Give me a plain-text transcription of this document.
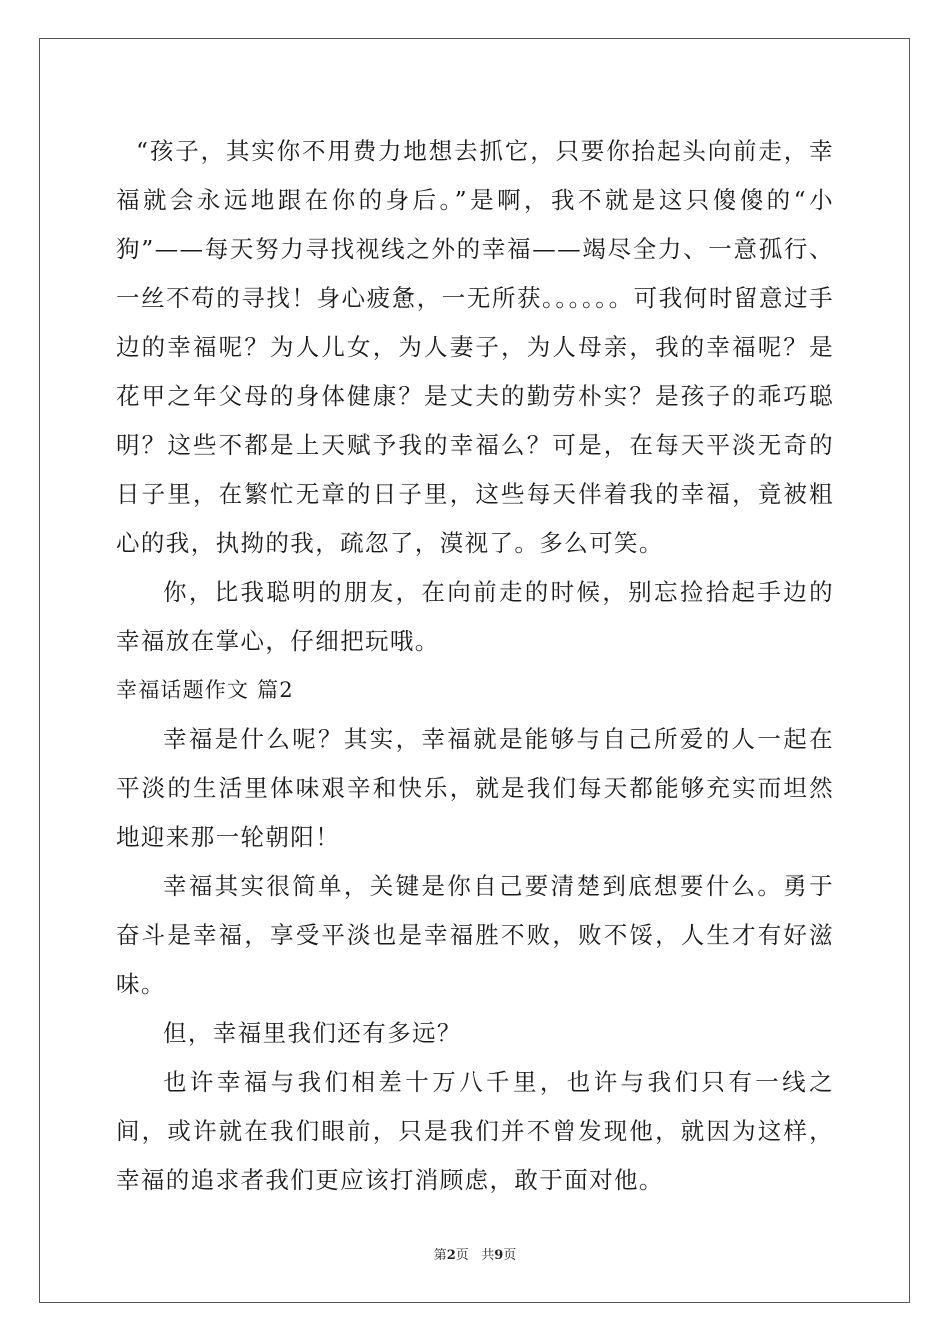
“孩子，其实你不用费力地想去抓它，只要你抬起头向前走，幸福就会永远地跟在你的身后。”是啊，我不就是这只傻傻的“小狗”——每天努力寻找视线之外的幸福——竭尽全力、一意孤行、一丝不苟的寻找！身心疲惫，一无所获。。。。。。可我何时留意过手边的幸福呢？为人儿女，为人妻子，为人母亲，我的幸福呢？是花甲之年父母的身体健康？是丈夫的勤劳朴实？是孩子的乖巧聪明？这些不都是上天赋予我的幸福么？可是，在每天平淡无奇的日子里，在繁忙无章的日子里，这些每天伴着我的幸福，竟被粗心的我，执拗的我，疏忽了，漠视了。多么可笑。

你，比我聪明的朋友，在向前走的时候，别忘捡拾起手边的幸福放在掌心，仔细把玩哦。

幸福话题作文 篇2

幸福是什么呢？其实，幸福就是能够与自己所爱的人一起在平淡的生活里体味艰辛和快乐，就是我们每天都能够充实而坦然地迎来那一轮朝阳！

幸福其实很简单，关键是你自己要清楚到底想要什么。勇于奋斗是幸福，享受平淡也是幸福胜不败，败不馁，人生才有好滋味。

但，幸福里我们还有多远？

也许幸福与我们相差十万八千里，也许与我们只有一线之间，或许就在我们眼前，只是我们并不曾发现他，就因为这样，幸福的追求者我们更应该打消顾虑，敢于面对他。

第2页 共9页
